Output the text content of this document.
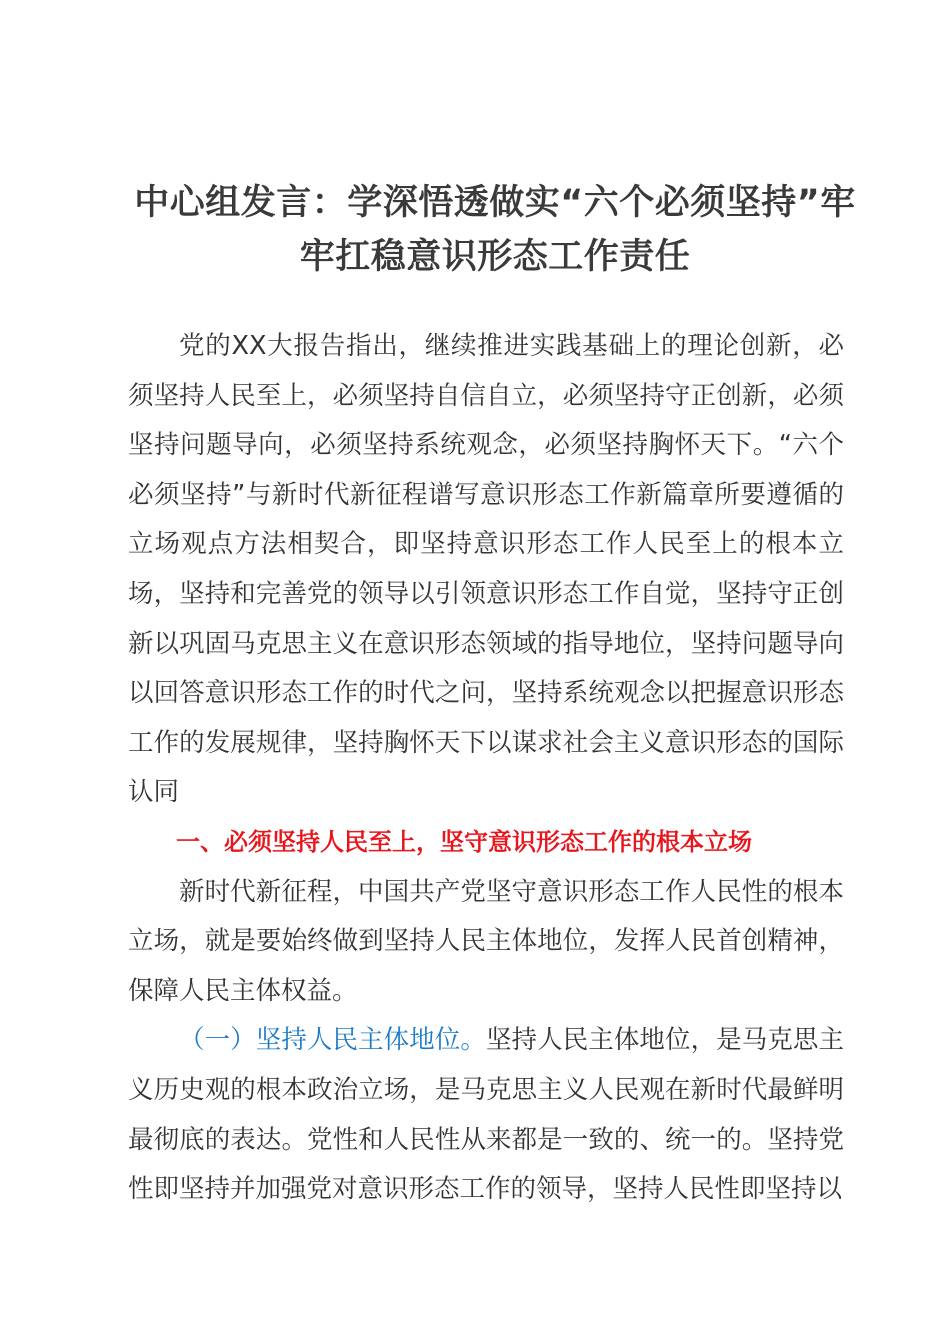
中心组发言：学深悟透做实“六个必须坚持”牢牢扛稳意识形态工作责任

党的XX大报告指出，继续推进实践基础上的理论创新，必须坚持人民至上，必须坚持自信自立，必须坚持守正创新，必须坚持问题导向，必须坚持系统观念，必须坚持胸怀天下。“六个必须坚持”与新时代新征程谱写意识形态工作新篇章所要遵循的立场观点方法相契合，即坚持意识形态工作人民至上的根本立场，坚持和完善党的领导以引领意识形态工作自觉，坚持守正创新以巩固马克思主义在意识形态领域的指导地位，坚持问题导向以回答意识形态工作的时代之问，坚持系统观念以把握意识形态工作的发展规律，坚持胸怀天下以谋求社会主义意识形态的国际认同

一、必须坚持人民至上，坚守意识形态工作的根本立场

新时代新征程，中国共产党坚守意识形态工作人民性的根本立场，就是要始终做到坚持人民主体地位，发挥人民首创精神，保障人民主体权益。

（一）坚持人民主体地位。坚持人民主体地位，是马克思主义历史观的根本政治立场，是马克思主义人民观在新时代最鲜明最彻底的表达。党性和人民性从来都是一致的、统一的。坚持党性即坚持并加强党对意识形态工作的领导，坚持人民性即坚持以
